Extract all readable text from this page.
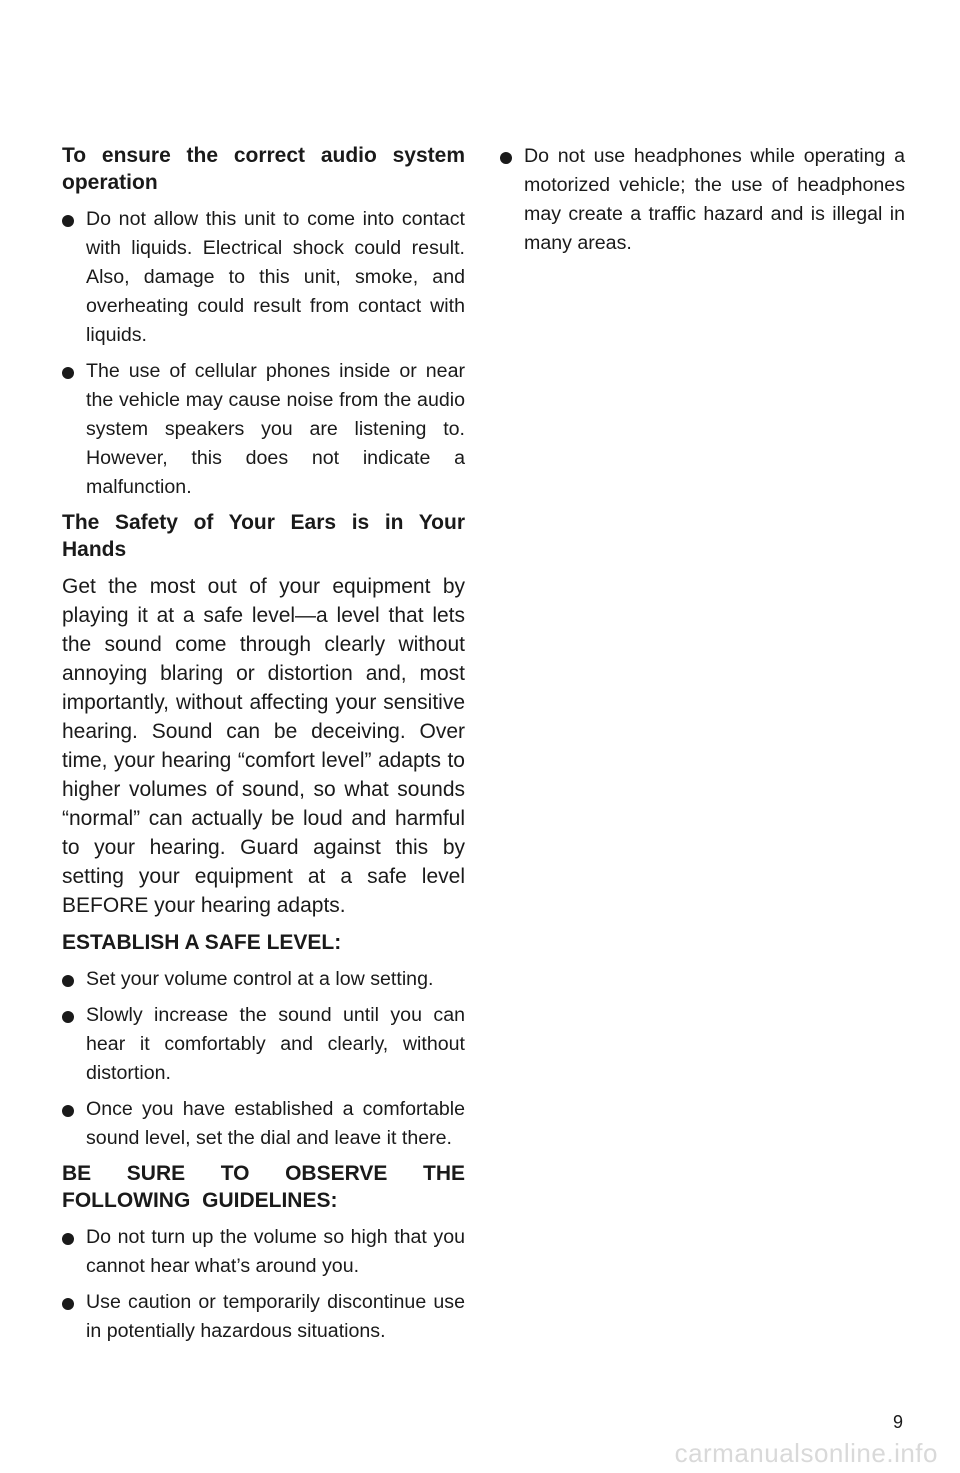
To ensure the correct audio system operation
Do not allow this unit to come into contact with liquids. Electrical shock could result. Also, damage to this unit, smoke, and overheating could result from contact with liquids.
The use of cellular phones inside or near the vehicle may cause noise from the audio system speakers you are listening to. However, this does not indicate a malfunction.
The Safety of Your Ears is in Your Hands
Get the most out of your equipment by playing it at a safe level—a level that lets the sound come through clearly without annoying blaring or distortion and, most importantly, without affecting your sensitive hearing. Sound can be deceiving. Over time, your hearing “comfort level” adapts to higher volumes of sound, so what sounds “normal” can actually be loud and harmful to your hearing. Guard against this by setting your equipment at a safe level BEFORE your hearing adapts.
ESTABLISH A SAFE LEVEL:
Set your volume control at a low setting.
Slowly increase the sound until you can hear it comfortably and clearly, without distortion.
Once you have established a comfortable sound level, set the dial and leave it there.
BE SURE TO OBSERVE THE FOLLOWING GUIDELINES:
Do not turn up the volume so high that you cannot hear what’s around you.
Use caution or temporarily discontinue use in potentially hazardous situations.
Do not use headphones while operating a motorized vehicle; the use of headphones may create a traffic hazard and is illegal in many areas.
9
carmanualsonline.info
